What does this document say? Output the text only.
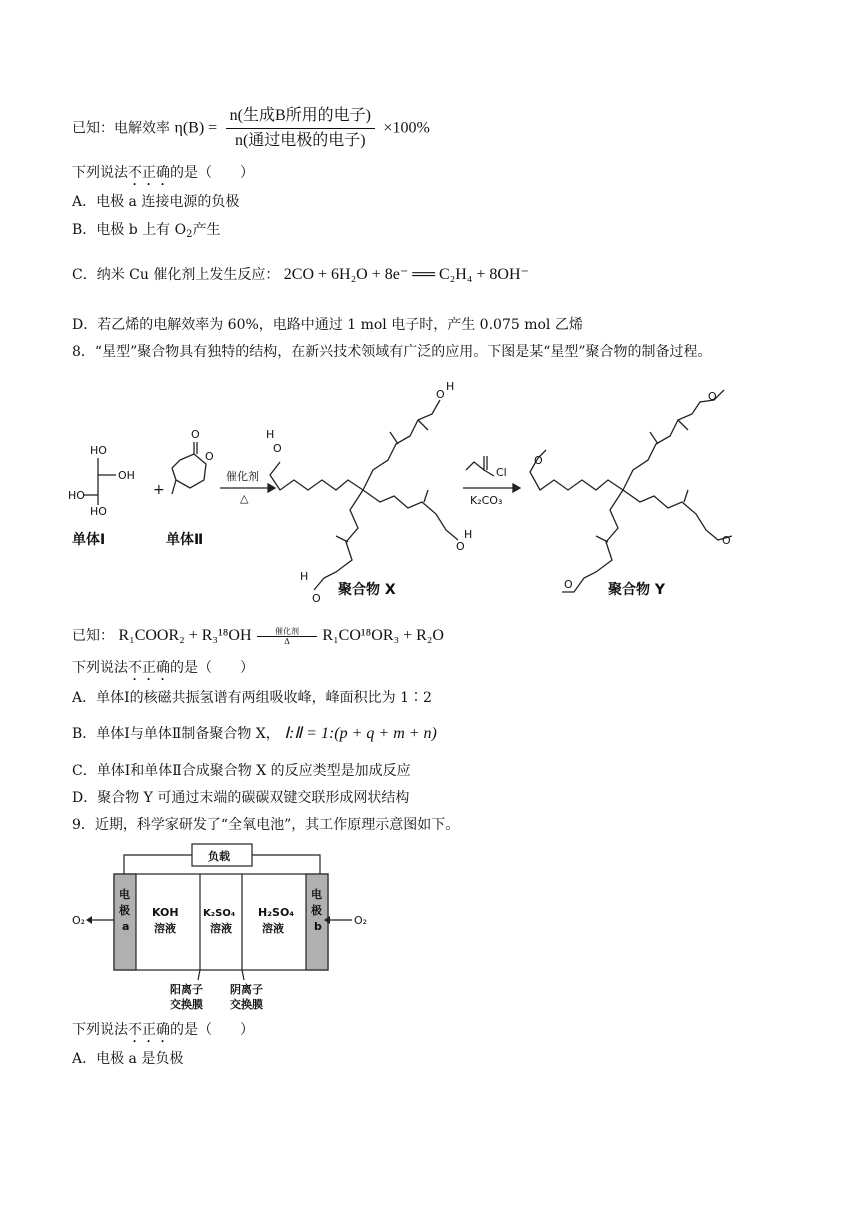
已知：电解效率 $\eta(B) = \frac{\text{n(生成B所用的电子)}}{\text{n(通过电极的电子)}} \times 100\%$
下列说法不正确的是（　　）
A．电极 a 连接电源的负极
B．电极 b 上有 $O_2$产生
C．纳米 Cu 催化剂上发生反应： 2CO + 6H₂O + 8e⁻ ══ C₂H₄ + 8OH⁻
D．若乙烯的电解效率为 60%，电路中通过 1 mol 电子时，产生 0.075 mol 乙烯
8．“星型”聚合物具有独特的结构，在新兴技术领域有广泛的应用。下图是某“星型”聚合物的制备过程。
HO
OH
HO
HO
+
O
O
催化剂
△
Cl
K₂CO₃
O
H
O
H
O
H
O
H
O
O
O
O
单体Ⅰ	单体Ⅱ
聚合物 X	聚合物 Y
已知： R₁COOR₂ + R₃¹⁸OH	催化剂
Δ R₁CO¹⁸OR₃ + R₂O
下列说法不正确的是（　　）
A．单体Ⅰ的核磁共振氢谱有两组吸收峰，峰面积比为 1∶2
B．单体Ⅰ与单体Ⅱ制备聚合物 X， Ⅰ:Ⅱ = 1:(p + q + m + n)
C．单体Ⅰ和单体Ⅱ合成聚合物 X 的反应类型是加成反应
D．聚合物 Y 可通过末端的碳碳双键交联形成网状结构
9．近期，科学家研发了“全氧电池”，其工作原理示意图如下。
负载
电
极
a
电
极
b
KOH
溶液
K₂SO₄
溶液
H₂SO₄
溶液
O₂	O₂
阳离子
交换膜
阴离子
交换膜
下列说法不正确的是（　　）
A．电极 a 是负极
